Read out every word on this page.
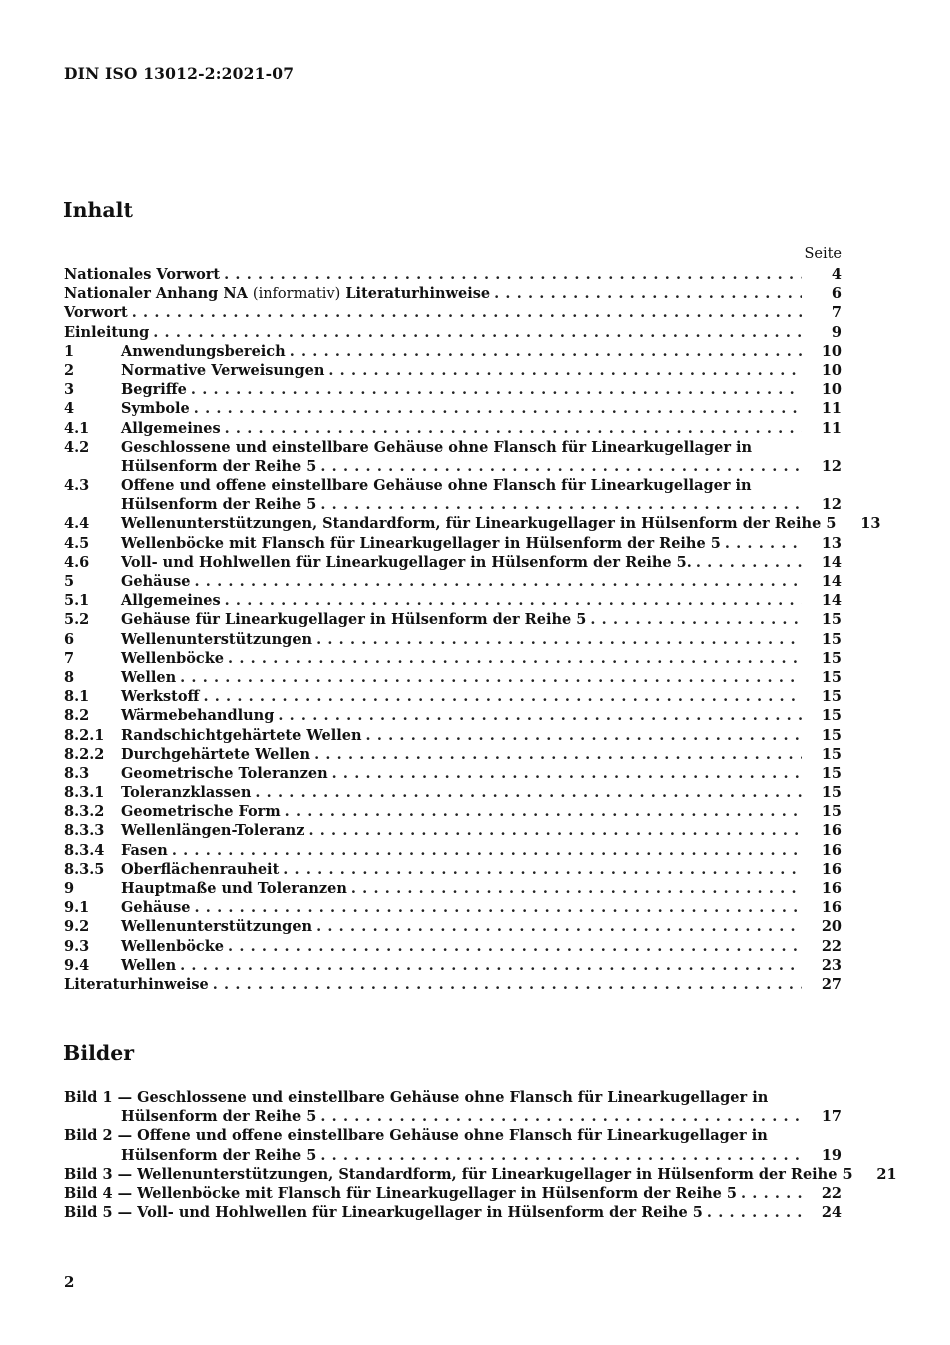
DIN ISO 13012-2:2021-07
Inhalt
Seite
Nationales Vorwort . . .	4
Nationaler Anhang NA (informativ) Literaturhinweise . . .	6
Vorwort . . .	7
Einleitung . . .	9
1	Anwendungsbereich . . .	10
2	Normative Verweisungen . . .	10
3	Begriffe . . .	10
4	Symbole . . .	11
4.1	Allgemeines . . .	11
4.2	Geschlossene und einstellbare Gehäuse ohne Flansch für Linearkugellager in
Hülsenform der Reihe 5 . . .	12
4.3	Offene und offene einstellbare Gehäuse ohne Flansch für Linearkugellager in
Hülsenform der Reihe 5 . . .	12
4.4	Wellenunterstützungen, Standardform, für Linearkugellager in Hülsenform der Reihe 5	13
4.5	Wellenböcke mit Flansch für Linearkugellager in Hülsenform der Reihe 5 . . .	13
4.6	Voll- und Hohlwellen für Linearkugellager in Hülsenform der Reihe 5. . . .	14
5	Gehäuse . . .	14
5.1	Allgemeines . . .	14
5.2	Gehäuse für Linearkugellager in Hülsenform der Reihe 5 . . .	15
6	Wellenunterstützungen . . .	15
7	Wellenböcke . . .	15
8	Wellen . . .	15
8.1	Werkstoff . . .	15
8.2	Wärmebehandlung . . .	15
8.2.1	Randschichtgehärtete Wellen . . .	15
8.2.2	Durchgehärtete Wellen . . .	15
8.3	Geometrische Toleranzen . . .	15
8.3.1	Toleranzklassen . . .	15
8.3.2	Geometrische Form . . .	15
8.3.3	Wellenlängen-Toleranz . . .	16
8.3.4	Fasen . . .	16
8.3.5	Oberflächenrauheit . . .	16
9	Hauptmaße und Toleranzen . . .	16
9.1	Gehäuse . . .	16
9.2	Wellenunterstützungen . . .	20
9.3	Wellenböcke . . .	22
9.4	Wellen . . .	23
Literaturhinweise . . .	27
Bilder
Bild 1 — Geschlossene und einstellbare Gehäuse ohne Flansch für Linearkugellager in
Hülsenform der Reihe 5 . . .	17
Bild 2 — Offene und offene einstellbare Gehäuse ohne Flansch für Linearkugellager in
Hülsenform der Reihe 5 . . .	19
Bild 3 — Wellenunterstützungen, Standardform, für Linearkugellager in Hülsenform der Reihe 5	21
Bild 4 — Wellenböcke mit Flansch für Linearkugellager in Hülsenform der Reihe 5 . . .	22
Bild 5 — Voll- und Hohlwellen für Linearkugellager in Hülsenform der Reihe 5 . . .	24
2
